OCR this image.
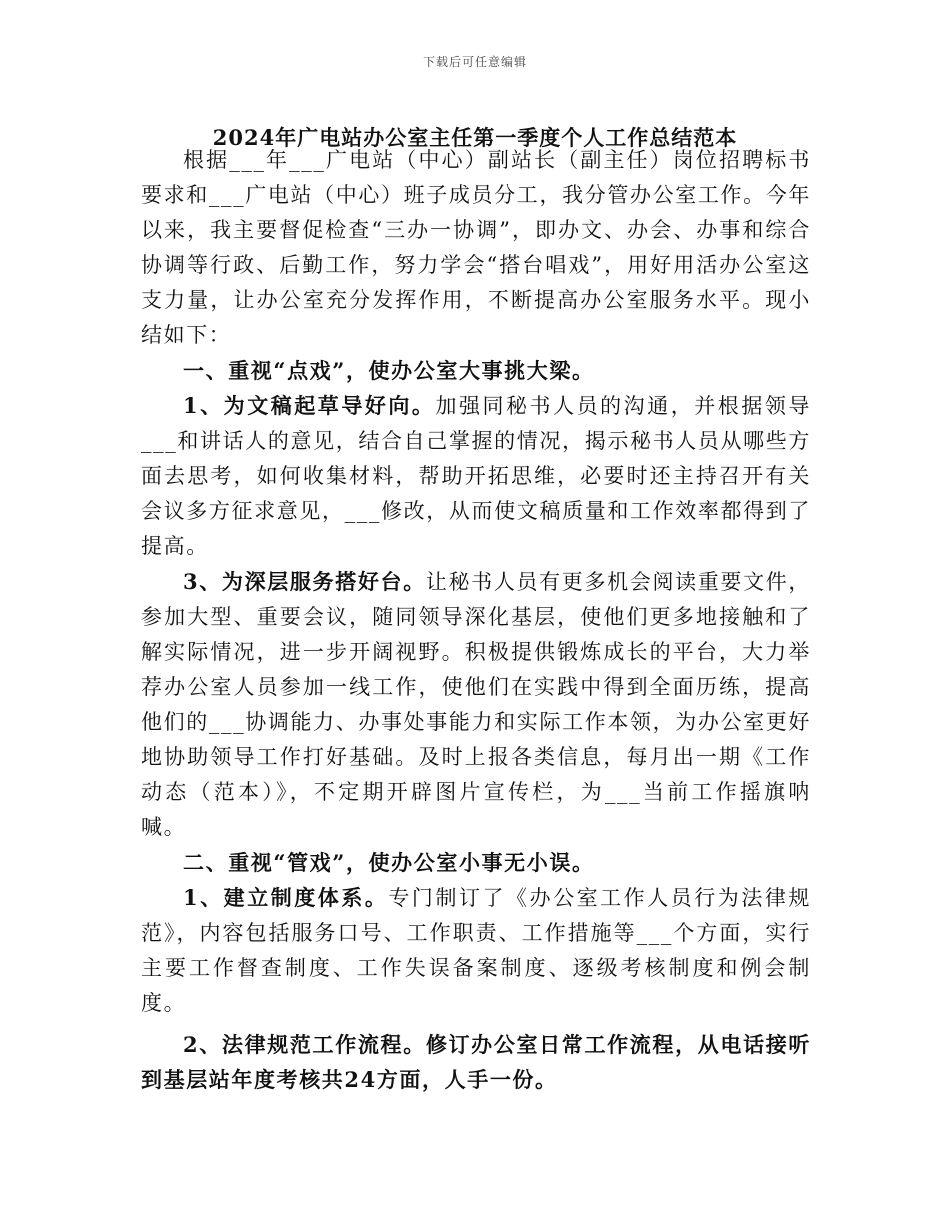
下载后可任意编辑
2024年广电站办公室主任第一季度个人工作总结范本

根据___年___广电站（中心）副站长（副主任）岗位招聘标书要求和___广电站（中心）班子成员分工，我分管办公室工作。今年以来，我主要督促检查“三办一协调”，即办文、办会、办事和综合协调等行政、后勤工作，努力学会“搭台唱戏”，用好用活办公室这支力量，让办公室充分发挥作用，不断提高办公室服务水平。现小结如下：

一、重视“点戏”，使办公室大事挑大梁。

1、为文稿起草导好向。加强同秘书人员的沟通，并根据领导___和讲话人的意见，结合自己掌握的情况，揭示秘书人员从哪些方面去思考，如何收集材料，帮助开拓思维，必要时还主持召开有关会议多方征求意见，___修改，从而使文稿质量和工作效率都得到了提高。

3、为深层服务搭好台。让秘书人员有更多机会阅读重要文件，参加大型、重要会议，随同领导深化基层，使他们更多地接触和了解实际情况，进一步开阔视野。积极提供锻炼成长的平台，大力举荐办公室人员参加一线工作，使他们在实践中得到全面历练，提高他们的___协调能力、办事处事能力和实际工作本领，为办公室更好地协助领导工作打好基础。及时上报各类信息，每月出一期《工作动态（范本）》，不定期开辟图片宣传栏，为___当前工作摇旗呐喊。

二、重视“管戏”，使办公室小事无小误。

1、建立制度体系。专门制订了《办公室工作人员行为法律规范》，内容包括服务口号、工作职责、工作措施等___个方面，实行主要工作督查制度、工作失误备案制度、逐级考核制度和例会制度。

2、法律规范工作流程。修订办公室日常工作流程，从电话接听到基层站年度考核共24方面，人手一份。
